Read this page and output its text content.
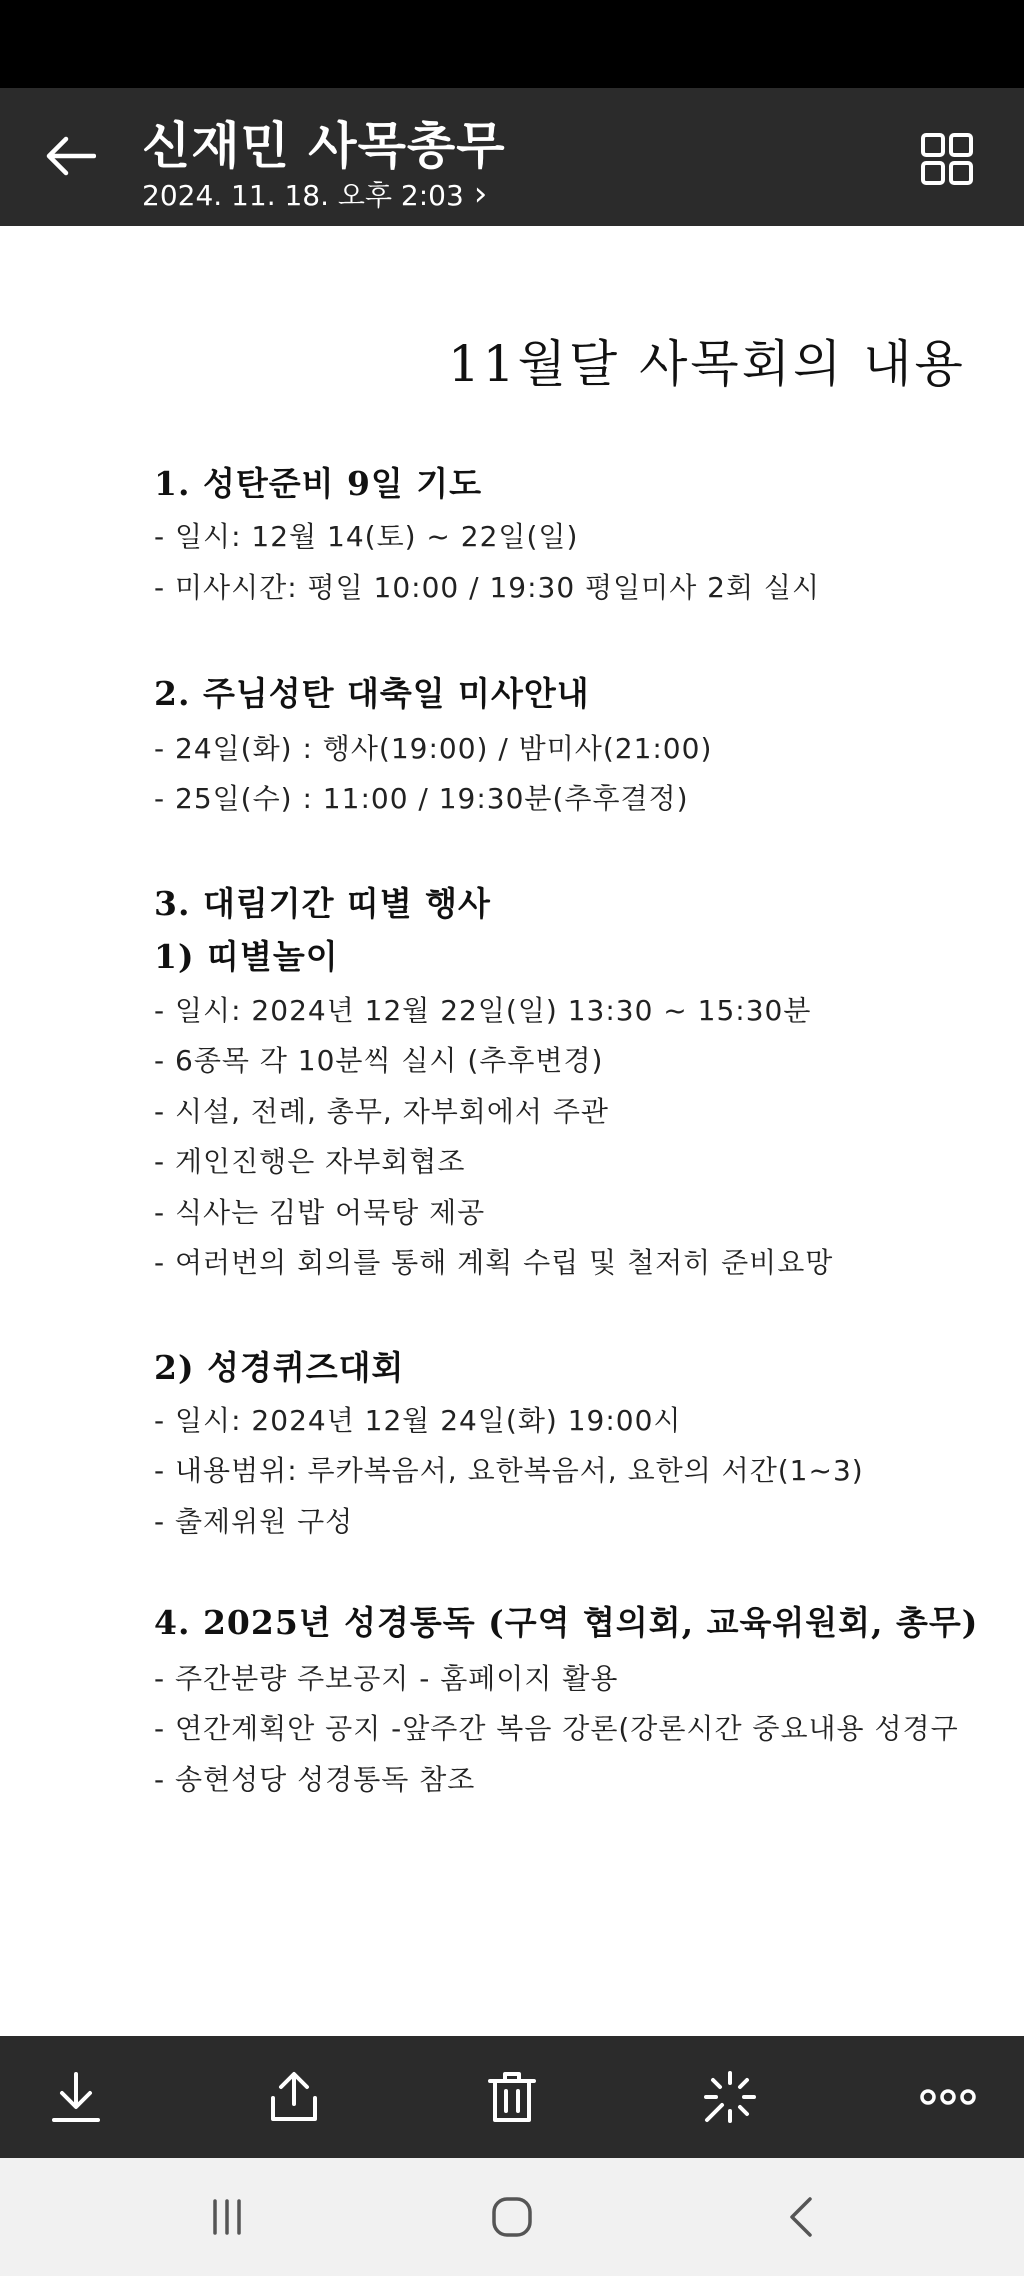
신재민 사목총무
2024. 11. 18. 오후 2:03 ›
11월달 사목회의 내용
1. 성탄준비 9일 기도
- 일시: 12월 14(토) ~ 22일(일)
- 미사시간: 평일 10:00 / 19:30 평일미사 2회 실시
2. 주님성탄 대축일 미사안내
- 24일(화) : 행사(19:00) / 밤미사(21:00)
- 25일(수) : 11:00 / 19:30분(추후결정)
3. 대림기간 띠별 행사
1) 띠별놀이
- 일시: 2024년 12월 22일(일) 13:30 ~ 15:30분
- 6종목 각 10분씩 실시 (추후변경)
- 시설, 전례, 총무, 자부회에서 주관
- 게인진행은 자부회협조
- 식사는 김밥 어묵탕 제공
- 여러번의 회의를 통해 계획 수립 및 철저히 준비요망
2) 성경퀴즈대회
- 일시: 2024년 12월 24일(화) 19:00시
- 내용범위: 루카복음서, 요한복음서, 요한의 서간(1~3)
- 출제위원 구성
4. 2025년 성경통독 (구역 협의회, 교육위원회, 총무)
- 주간분량 주보공지 - 홈페이지 활용
- 연간계획안 공지 -앞주간 복음 강론(강론시간 중요내용 성경구
- 송현성당 성경통독 참조
